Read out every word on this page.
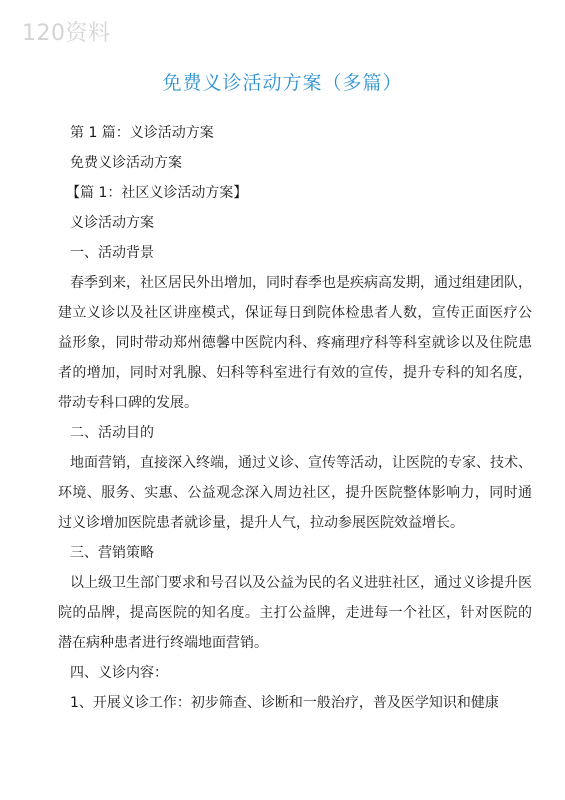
120资料
免费义诊活动方案（多篇）
第 1 篇：义诊活动方案
免费义诊活动方案
【篇 1：社区义诊活动方案】
义诊活动方案
一、活动背景
春季到来，社区居民外出增加，同时春季也是疾病高发期，通过组建团队，建立义诊以及社区讲座模式，保证每日到院体检患者人数，宣传正面医疗公益形象，同时带动郑州德馨中医院内科、疼痛理疗科等科室就诊以及住院患者的增加，同时对乳腺、妇科等科室进行有效的宣传，提升专科的知名度，带动专科口碑的发展。
二、活动目的
地面营销，直接深入终端，通过义诊、宣传等活动，让医院的专家、技术、环境、服务、实惠、公益观念深入周边社区，提升医院整体影响力，同时通过义诊增加医院患者就诊量，提升人气，拉动参展医院效益增长。
三、营销策略
以上级卫生部门要求和号召以及公益为民的名义进驻社区，通过义诊提升医院的品牌，提高医院的知名度。主打公益牌，走进每一个社区，针对医院的潜在病种患者进行终端地面营销。
四、义诊内容：
1、开展义诊工作：初步筛查、诊断和一般治疗，普及医学知识和健康
